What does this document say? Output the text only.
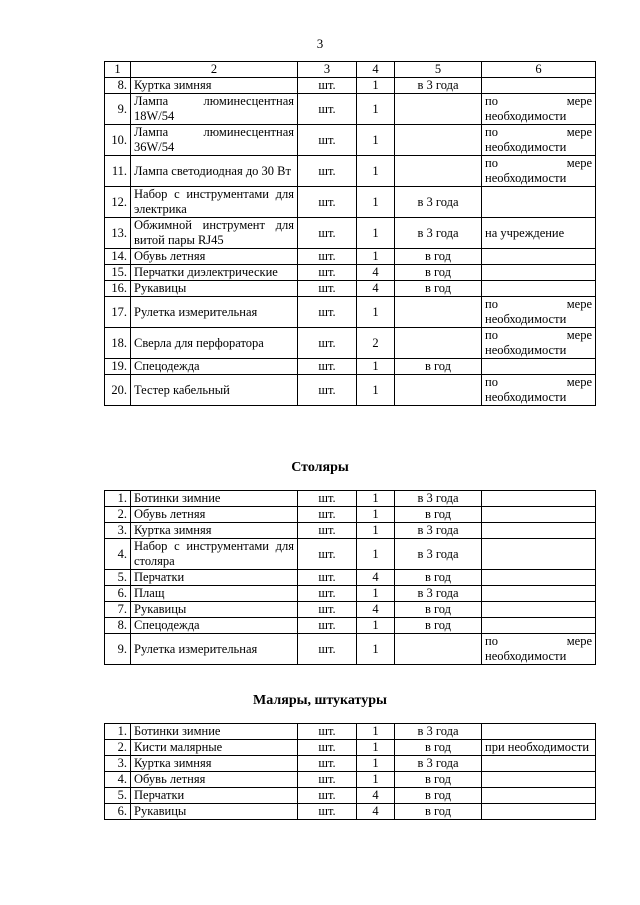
3
1	2	3	4	5	6
8.	Куртка зимняя	шт.	1	в 3 года	
9.	Лампа люминесцентная 18W/54	шт.	1		по мере необходимости
10.	Лампа люминесцентная 36W/54	шт.	1		по мере необходимости
11.	Лампа светодиодная до 30 Вт	шт.	1		по мере необходимости
12.	Набор с инструментами для электрика	шт.	1	в 3 года	
13.	Обжимной инструмент для витой пары RJ45	шт.	1	в 3 года	на учреждение
14.	Обувь летняя	шт.	1	в год	
15.	Перчатки диэлектрические	шт.	4	в год	
16.	Рукавицы	шт.	4	в год	
17.	Рулетка измерительная	шт.	1		по мере необходимости
18.	Сверла для перфоратора	шт.	2		по мере необходимости
19.	Спецодежда	шт.	1	в год	
20.	Тестер кабельный	шт.	1		по мере необходимости
Столяры
1.	Ботинки зимние	шт.	1	в 3 года	
2.	Обувь летняя	шт.	1	в год	
3.	Куртка зимняя	шт.	1	в 3 года	
4.	Набор с инструментами для столяра	шт.	1	в 3 года	
5.	Перчатки	шт.	4	в год	
6.	Плащ	шт.	1	в 3 года	
7.	Рукавицы	шт.	4	в год	
8.	Спецодежда	шт.	1	в год	
9.	Рулетка измерительная	шт.	1		по мере необходимости
Маляры, штукатуры
1.	Ботинки зимние	шт.	1	в 3 года	
2.	Кисти малярные	шт.	1	в год	при необходимости
3.	Куртка зимняя	шт.	1	в 3 года	
4.	Обувь летняя	шт.	1	в год	
5.	Перчатки	шт.	4	в год	
6.	Рукавицы	шт.	4	в год	
